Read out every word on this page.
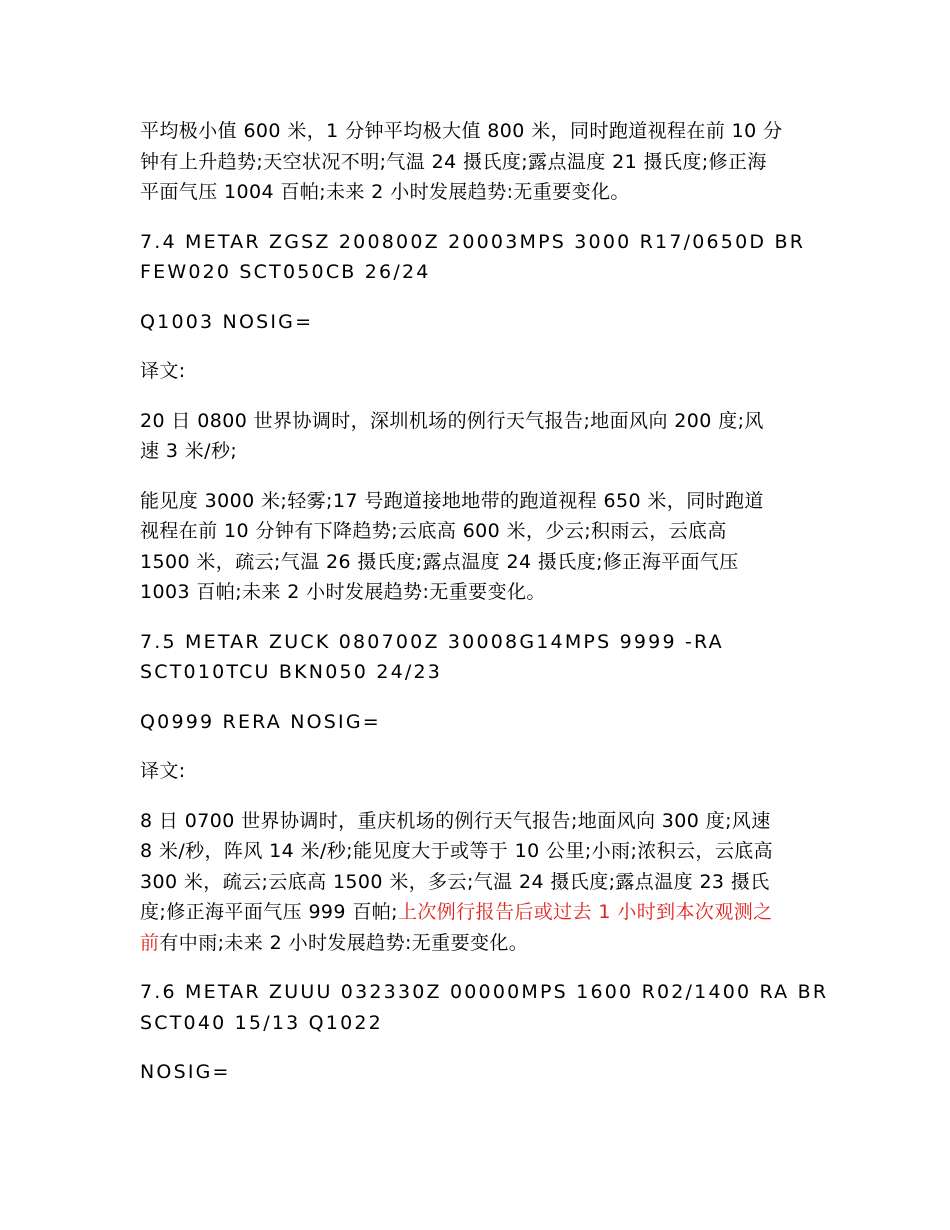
平均极小值 600 米，1 分钟平均极大值 800 米，同时跑道视程在前 10 分
钟有上升趋势;天空状况不明;气温 24 摄氏度;露点温度 21 摄氏度;修正海
平面气压 1004 百帕;未来 2 小时发展趋势:无重要变化。

7.4 METAR ZGSZ 200800Z 20003MPS 3000 R17/0650D BR
FEW020 SCT050CB 26/24

Q1003 NOSIG=

译文:

20 日 0800 世界协调时，深圳机场的例行天气报告;地面风向 200 度;风
速 3 米/秒;

能见度 3000 米;轻雾;17 号跑道接地地带的跑道视程 650 米，同时跑道
视程在前 10 分钟有下降趋势;云底高 600 米，少云;积雨云，云底高
1500 米，疏云;气温 26 摄氏度;露点温度 24 摄氏度;修正海平面气压
1003 百帕;未来 2 小时发展趋势:无重要变化。

7.5 METAR ZUCK 080700Z 30008G14MPS 9999 -RA
SCT010TCU BKN050 24/23

Q0999 RERA NOSIG=

译文:

8 日 0700 世界协调时，重庆机场的例行天气报告;地面风向 300 度;风速
8 米/秒，阵风 14 米/秒;能见度大于或等于 10 公里;小雨;浓积云，云底高
300 米，疏云;云底高 1500 米，多云;气温 24 摄氏度;露点温度 23 摄氏
度;修正海平面气压 999 百帕;上次例行报告后或过去 1 小时到本次观测之
前有中雨;未来 2 小时发展趋势:无重要变化。

7.6 METAR ZUUU 032330Z 00000MPS 1600 R02/1400 RA BR
SCT040 15/13 Q1022

NOSIG=
